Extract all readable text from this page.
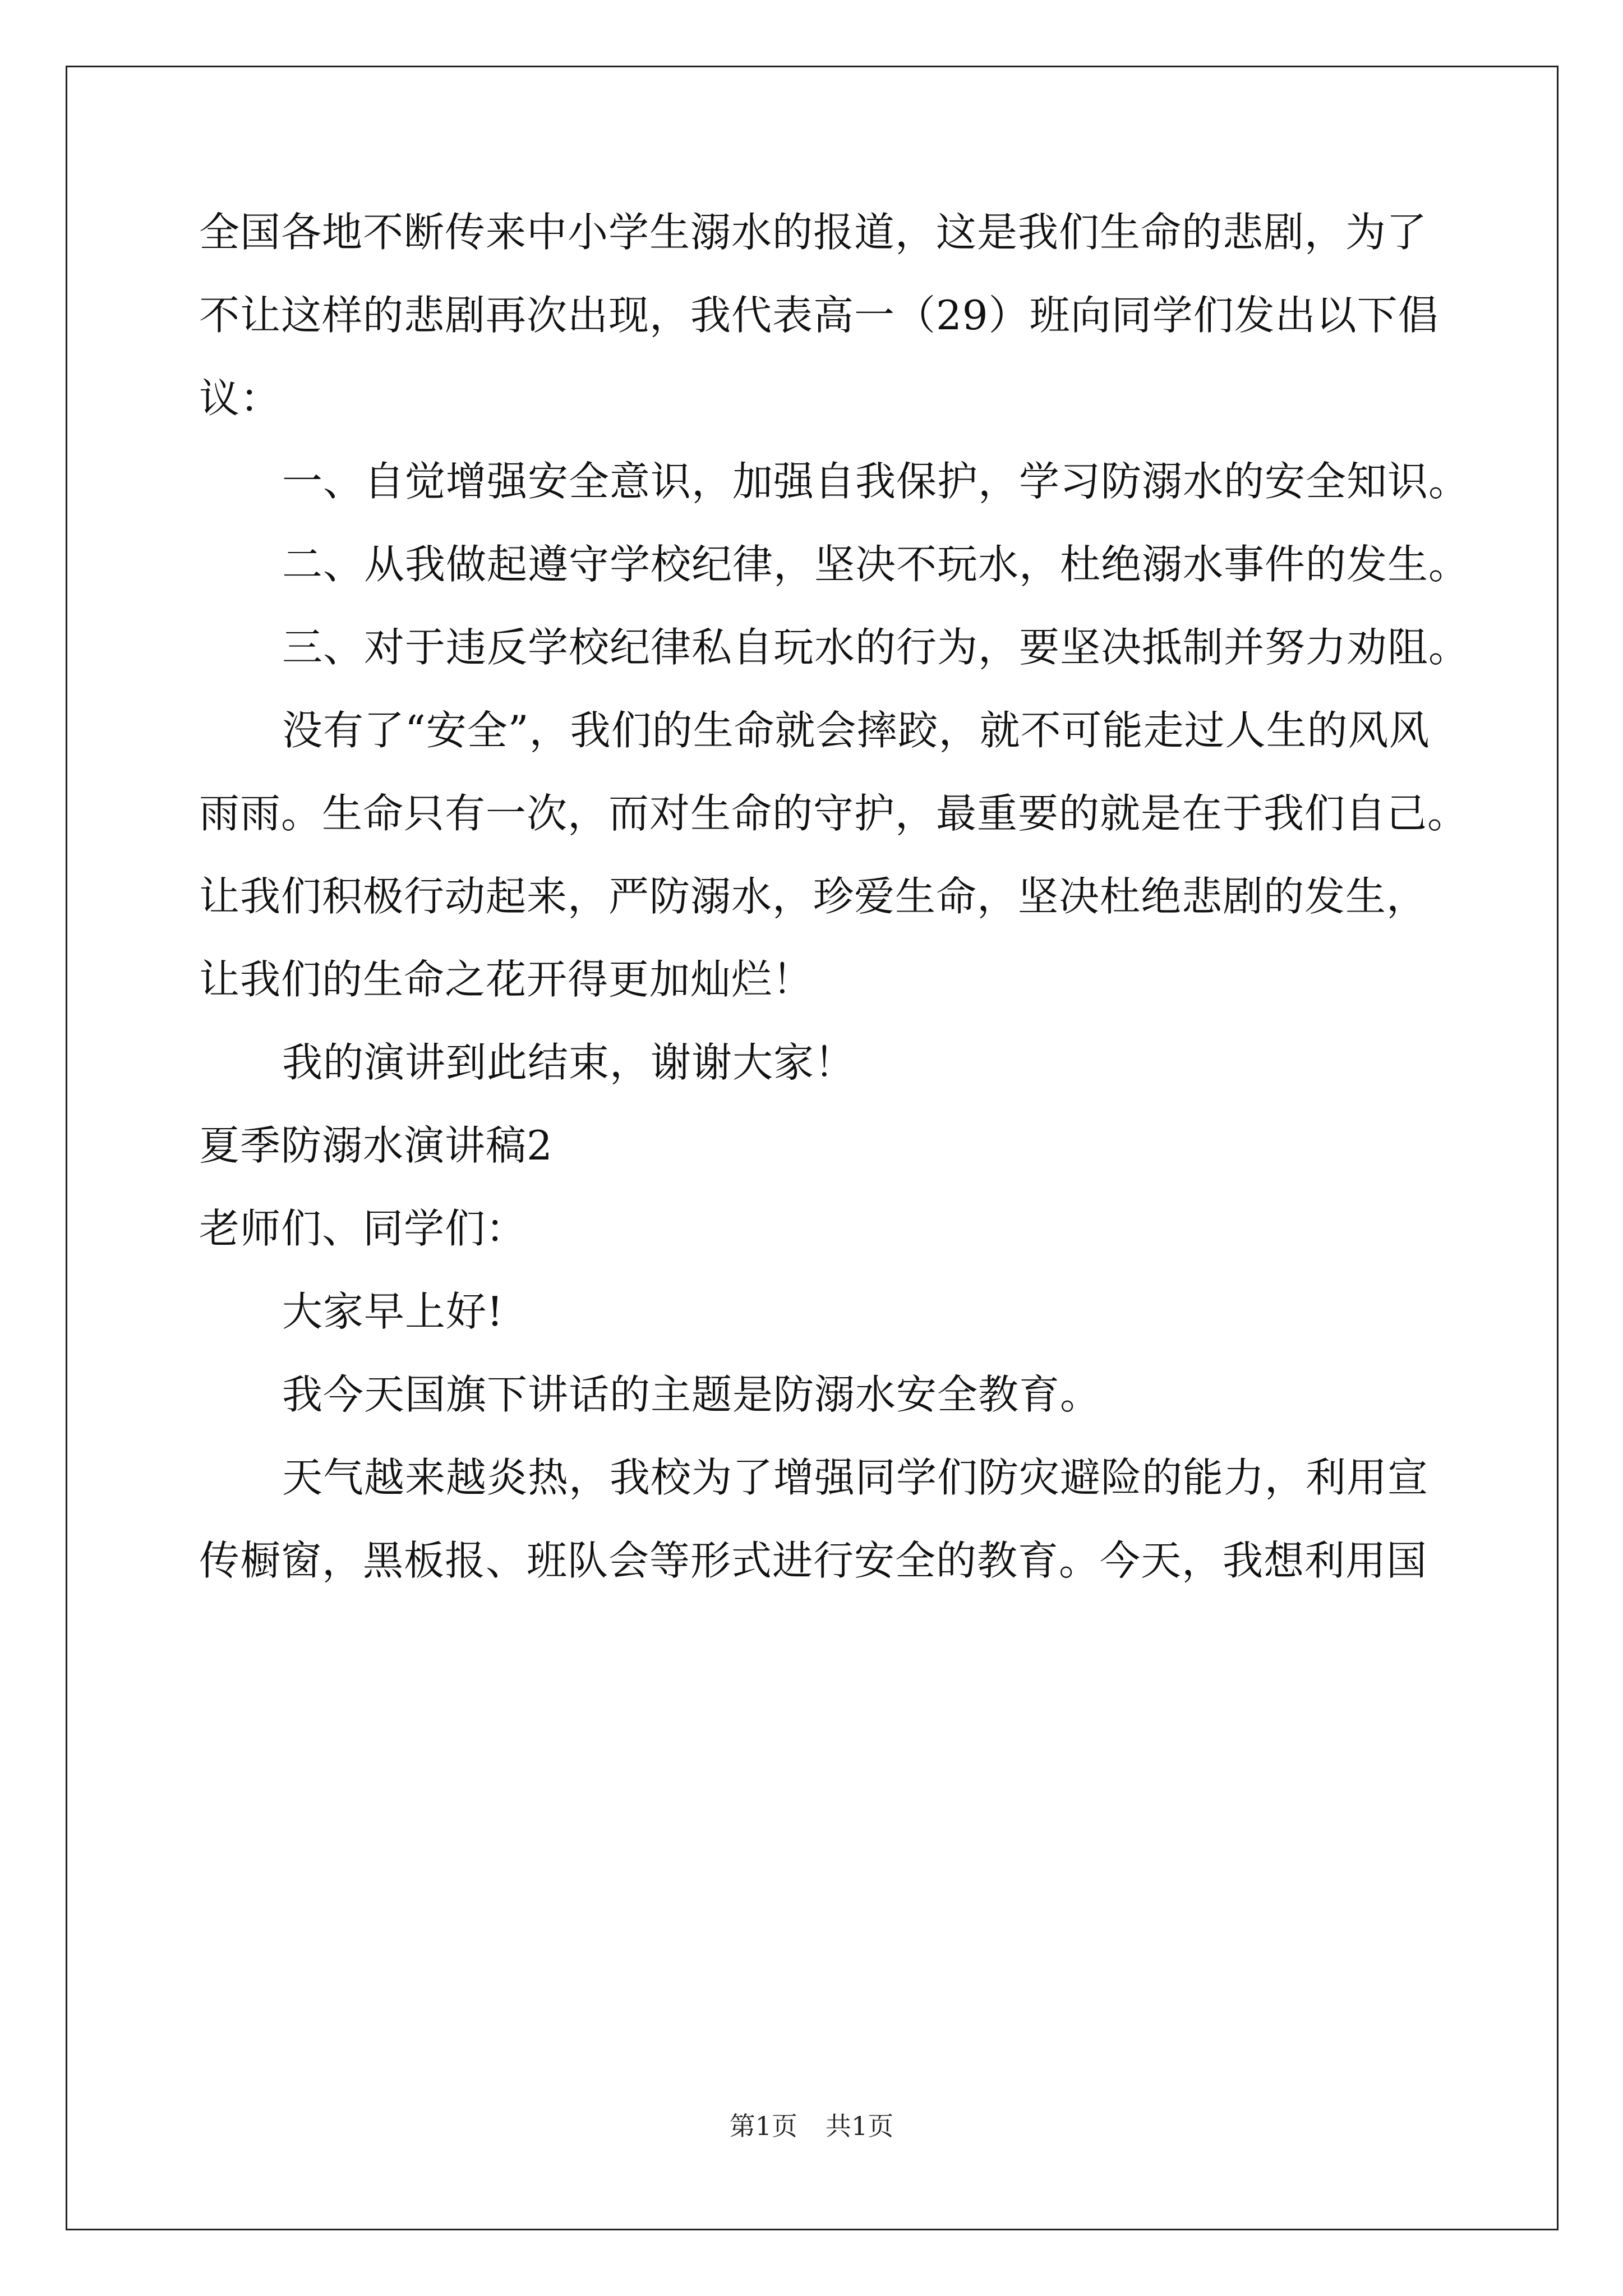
全国各地不断传来中小学生溺水的报道，这是我们生命的悲剧，为了
不让这样的悲剧再次出现，我代表高一（29）班向同学们发出以下倡
议：
一、自觉增强安全意识，加强自我保护，学习防溺水的安全知识。
二、从我做起遵守学校纪律，坚决不玩水，杜绝溺水事件的发生。
三、对于违反学校纪律私自玩水的行为，要坚决抵制并努力劝阻。
没有了“安全”，我们的生命就会摔跤，就不可能走过人生的风风
雨雨。生命只有一次，而对生命的守护，最重要的就是在于我们自己。
让我们积极行动起来，严防溺水，珍爱生命，坚决杜绝悲剧的发生，
让我们的生命之花开得更加灿烂！
我的演讲到此结束，谢谢大家！
夏季防溺水演讲稿2
老师们、同学们：
大家早上好!
我今天国旗下讲话的主题是防溺水安全教育。
天气越来越炎热，我校为了增强同学们防灾避险的能力，利用宣
传橱窗，黑板报、班队会等形式进行安全的教育。今天，我想利用国
第1页 共1页
